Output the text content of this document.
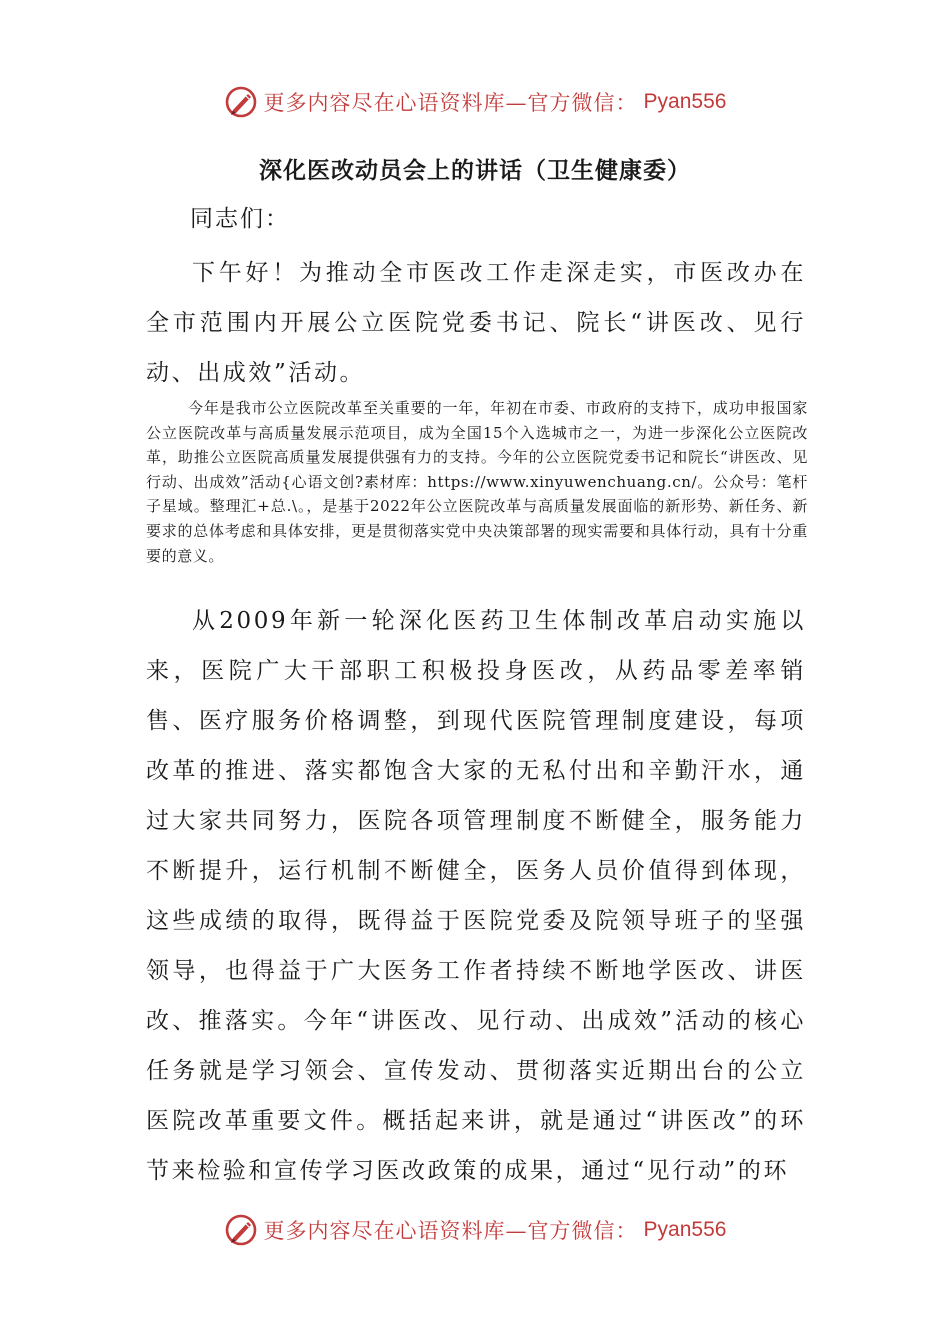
更多内容尽在心语资料库—官方微信： Pyan556
深化医改动员会上的讲话（卫生健康委）

同志们：

下午好！为推动全市医改工作走深走实，市医改办在全市范围内开展公立医院党委书记、院长“讲医改、见行动、出成效”活动。

今年是我市公立医院改革至关重要的一年，年初在市委、市政府的支持下，成功申报国家公立医院改革与高质量发展示范项目，成为全国15个入选城市之一，为进一步深化公立医院改革，助推公立医院高质量发展提供强有力的支持。今年的公立医院党委书记和院长“讲医改、见行动、出成效”活动{心语文创?素材库：https://www.xinyuwenchuang.cn/。公众号：笔杆子星域。整理汇+总.\。，是基于2022年公立医院改革与高质量发展面临的新形势、新任务、新要求的总体考虑和具体安排，更是贯彻落实党中央决策部署的现实需要和具体行动，具有十分重要的意义。

从2009年新一轮深化医药卫生体制改革启动实施以来，医院广大干部职工积极投身医改，从药品零差率销售、医疗服务价格调整，到现代医院管理制度建设，每项改革的推进、落实都饱含大家的无私付出和辛勤汗水，通过大家共同努力，医院各项管理制度不断健全，服务能力不断提升，运行机制不断健全，医务人员价值得到体现，这些成绩的取得，既得益于医院党委及院领导班子的坚强领导，也得益于广大医务工作者持续不断地学医改、讲医改、推落实。今年“讲医改、见行动、出成效”活动的核心任务就是学习领会、宣传发动、贯彻落实近期出台的公立医院改革重要文件。概括起来讲，就是通过“讲医改”的环节来检验和宣传学习医改政策的成果，通过“见行动”的环

更多内容尽在心语资料库—官方微信： Pyan556
